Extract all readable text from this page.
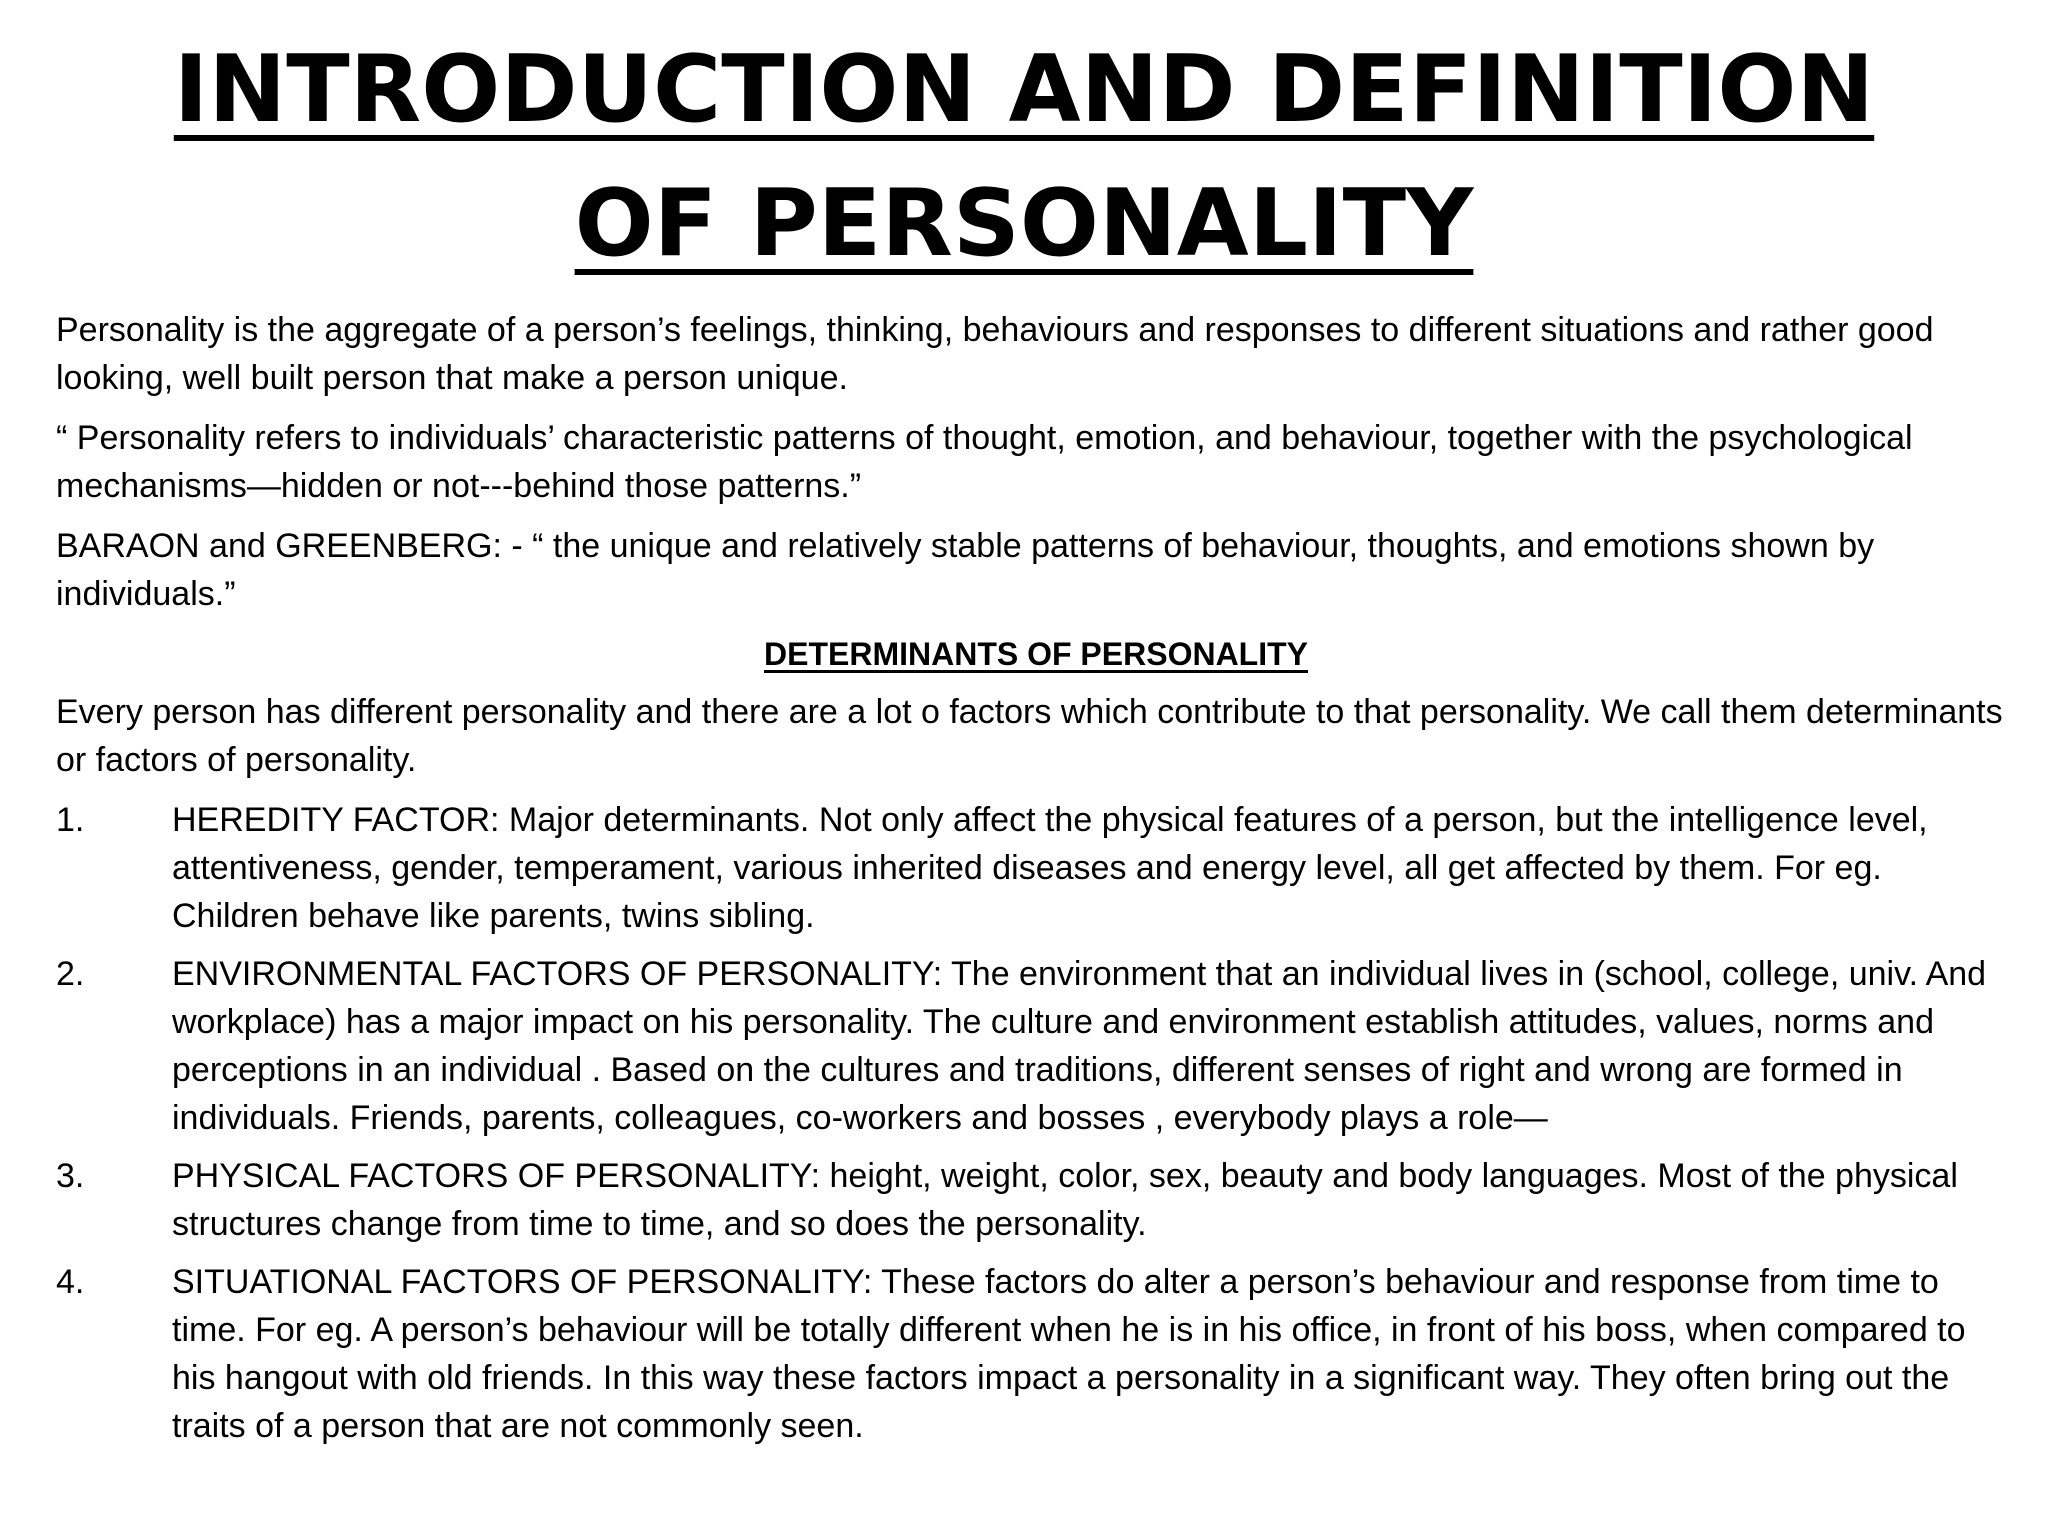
INTRODUCTION AND DEFINITION
OF PERSONALITY

Personality is the aggregate of a person’s feelings, thinking, behaviours and responses to different situations and rather good looking, well built person that make a person unique.

“ Personality refers to individuals’ characteristic patterns of thought, emotion, and behaviour, together with the psychological mechanisms—hidden or not---behind those patterns.”

BARAON and GREENBERG: - “ the unique and relatively stable patterns of behaviour, thoughts, and emotions shown by individuals.”

DETERMINANTS OF PERSONALITY

Every person has different personality and there are a lot o factors which contribute to that personality. We call them determinants or factors of personality.

1.	HEREDITY FACTOR: Major determinants. Not only affect the physical features of a person, but the intelligence level, attentiveness, gender, temperament, various inherited diseases and energy level, all get affected by them. For eg. Children behave like parents, twins sibling.
2.	ENVIRONMENTAL FACTORS OF PERSONALITY: The environment that an individual lives in (school, college, univ. And workplace) has a major impact on his personality. The culture and environment establish attitudes, values, norms and perceptions in an individual . Based on the cultures and traditions, different senses of right and wrong are formed in individuals. Friends, parents, colleagues, co-workers and bosses , everybody plays a role—
3.	PHYSICAL FACTORS OF PERSONALITY: height, weight, color, sex, beauty and body languages. Most of the physical structures change from time to time, and so does the personality.
4.	SITUATIONAL FACTORS OF PERSONALITY: These factors do alter a person’s behaviour and response from time to time. For eg. A person’s behaviour will be totally different when he is in his office, in front of his boss, when compared to his hangout with old friends. In this way these factors impact a personality in a significant way. They often bring out the traits of a person that are not commonly seen.
